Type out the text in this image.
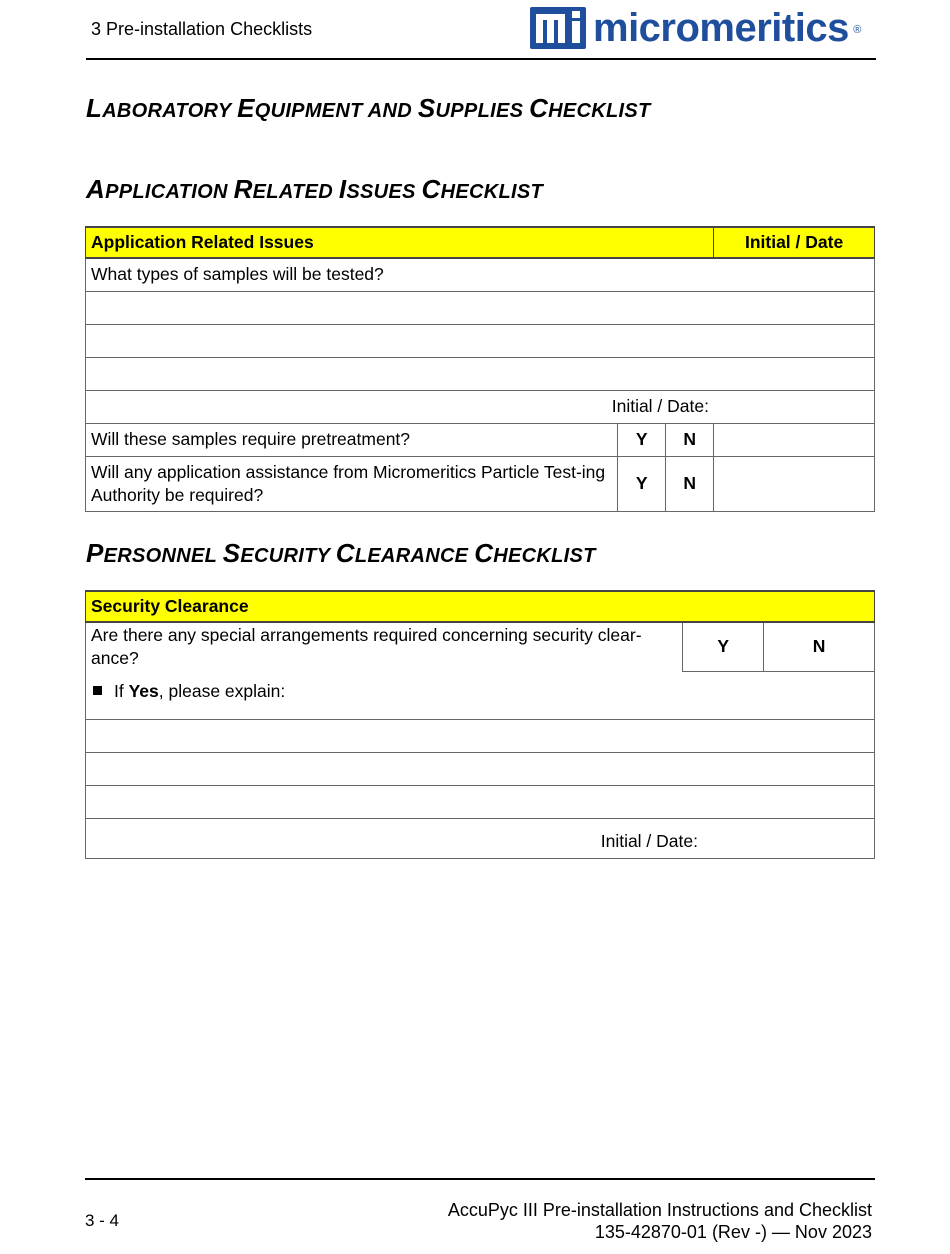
3 Pre-installation Checklists	micromeritics ®
LABORATORY EQUIPMENT AND SUPPLIES CHECKLIST
APPLICATION RELATED ISSUES CHECKLIST
Application Related Issues			Initial / Date
What types of samples will be tested?			

Initial / Date:			
Will these samples require pretreatment?	Y	N	
Will any application assistance from Micromeritics Particle Test-ing Authority be required?	Y	N	
PERSONNEL SECURITY CLEARANCE CHECKLIST
Security Clearance
Are there any special arrangements required concerning security clear-ance?	Y	N
If Yes, please explain:

Initial / Date:
3 - 4
AccuPyc III Pre-installation Instructions and Checklist
135-42870-01 (Rev -) — Nov 2023
